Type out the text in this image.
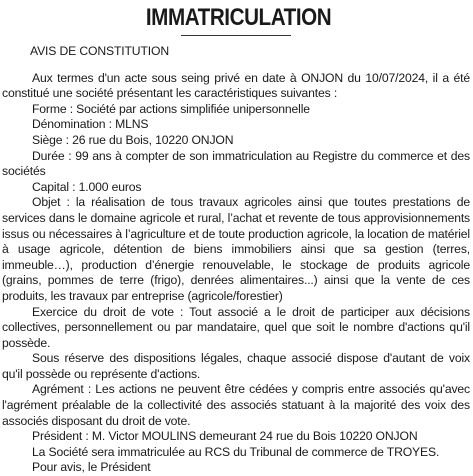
IMMATRICULATION

AVIS DE CONSTITUTION

Aux termes d'un acte sous seing privé en date à ONJON du 10/07/2024, il a été constitué une société présentant les caractéristiques suivantes :

Forme : Société par actions simplifiée unipersonnelle

Dénomination : MLNS

Siège : 26 rue du Bois, 10220 ONJON

Durée : 99 ans à compter de son immatriculation au Registre du commerce et des sociétés

Capital : 1.000 euros

Objet : la réalisation de tous travaux agricoles ainsi que toutes prestations de services dans le domaine agricole et rural, l’achat et revente de tous approvisionnements issus ou nécessaires à l’agriculture et de toute production agricole, la location de matériel à usage agricole, détention de biens immobiliers ainsi que sa gestion (terres, immeuble…), production d’énergie renouvelable, le stockage de produits agricole (grains, pommes de terre (frigo), denrées alimentaires...) ainsi que la vente de ces produits, les travaux par entreprise (agricole/forestier)

Exercice du droit de vote : Tout associé a le droit de participer aux décisions collectives, personnellement ou par mandataire, quel que soit le nombre d'actions qu'il possède.

Sous réserve des dispositions légales, chaque associé dispose d'autant de voix qu'il possède ou représente d'actions.

Agrément : Les actions ne peuvent être cédées y compris entre associés qu'avec l'agrément préalable de la collectivité des associés statuant à la majorité des voix des associés disposant du droit de vote.

Président : M. Victor MOULINS demeurant 24 rue du Bois 10220 ONJON

La Société sera immatriculée au RCS du Tribunal de commerce de TROYES.

Pour avis, le Président
